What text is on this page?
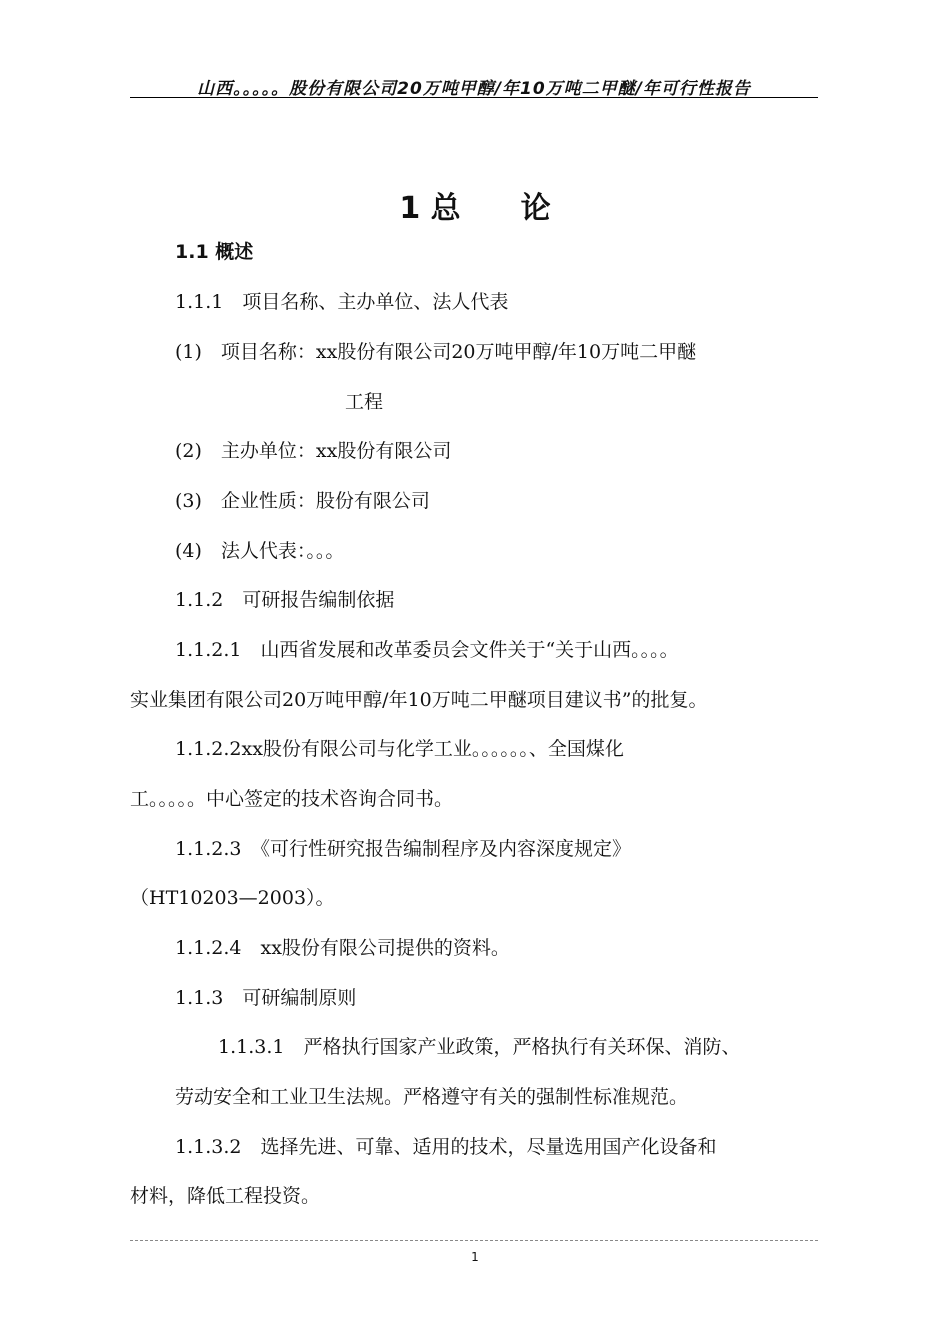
山西。。。。。股份有限公司20万吨甲醇/年10万吨二甲醚/年可行性报告
1 总 论
1.1 概述
1.1.1　项目名称、主办单位、法人代表
(1)　项目名称：xx股份有限公司20万吨甲醇/年10万吨二甲醚
工程
(2)　主办单位：xx股份有限公司
(3)　企业性质：股份有限公司
(4)　法人代表：。。。
1.1.2　可研报告编制依据
1.1.2.1　山西省发展和改革委员会文件关于“关于山西。。。。
实业集团有限公司20万吨甲醇/年10万吨二甲醚项目建议书”的批复。
1.1.2.2xx股份有限公司与化学工业。。。。。。、全国煤化
工。。。。。中心签定的技术咨询合同书。
1.1.2.3　《可行性研究报告编制程序及内容深度规定》
（HT10203—2003）。
1.1.2.4　xx股份有限公司提供的资料。
1.1.3　可研编制原则
1.1.3.1　严格执行国家产业政策，严格执行有关环保、消防、
劳动安全和工业卫生法规。严格遵守有关的强制性标准规范。
1.1.3.2　选择先进、可靠、适用的技术，尽量选用国产化设备和
材料，降低工程投资。
1
